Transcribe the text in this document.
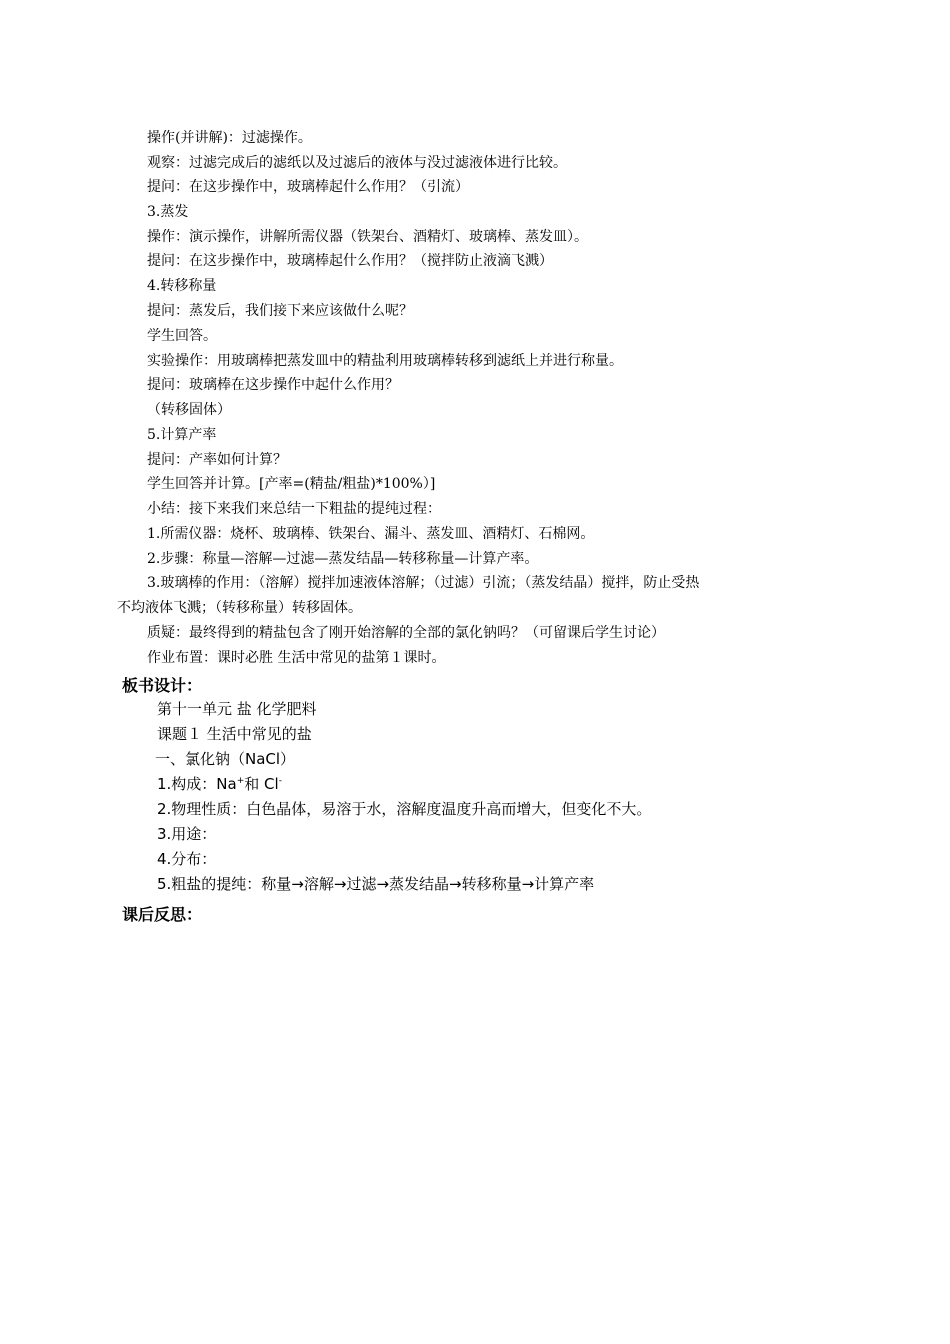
操作(并讲解)：过滤操作。
观察：过滤完成后的滤纸以及过滤后的液体与没过滤液体进行比较。
提问：在这步操作中，玻璃棒起什么作用？（引流）
3.蒸发
操作：演示操作，讲解所需仪器（铁架台、酒精灯、玻璃棒、蒸发皿）。
提问：在这步操作中，玻璃棒起什么作用？（搅拌防止液滴飞溅）
4.转移称量
提问：蒸发后，我们接下来应该做什么呢？
学生回答。
实验操作：用玻璃棒把蒸发皿中的精盐利用玻璃棒转移到滤纸上并进行称量。
提问：玻璃棒在这步操作中起什么作用？
（转移固体）
5.计算产率
提问：产率如何计算？
学生回答并计算。[产率=(精盐/粗盐)*100%）]
小结：接下来我们来总结一下粗盐的提纯过程：
1.所需仪器：烧杯、玻璃棒、铁架台、漏斗、蒸发皿、酒精灯、石棉网。
2.步骤：称量—溶解—过滤—蒸发结晶—转移称量—计算产率。
3.玻璃棒的作用：（溶解）搅拌加速液体溶解；（过滤）引流；（蒸发结晶）搅拌，防止受热
不均液体飞溅；（转移称量）转移固体。
质疑：最终得到的精盐包含了刚开始溶解的全部的氯化钠吗？（可留课后学生讨论）
作业布置：课时必胜 生活中常见的盐第１课时。
板书设计：
第十一单元 盐 化学肥料
课题１ 生活中常见的盐
一、氯化钠（NaCl）
1.构成：Na+和 Cl-
2.物理性质：白色晶体，易溶于水，溶解度温度升高而增大，但变化不大。
3.用途：
4.分布：
5.粗盐的提纯：称量→溶解→过滤→蒸发结晶→转移称量→计算产率
课后反思：
